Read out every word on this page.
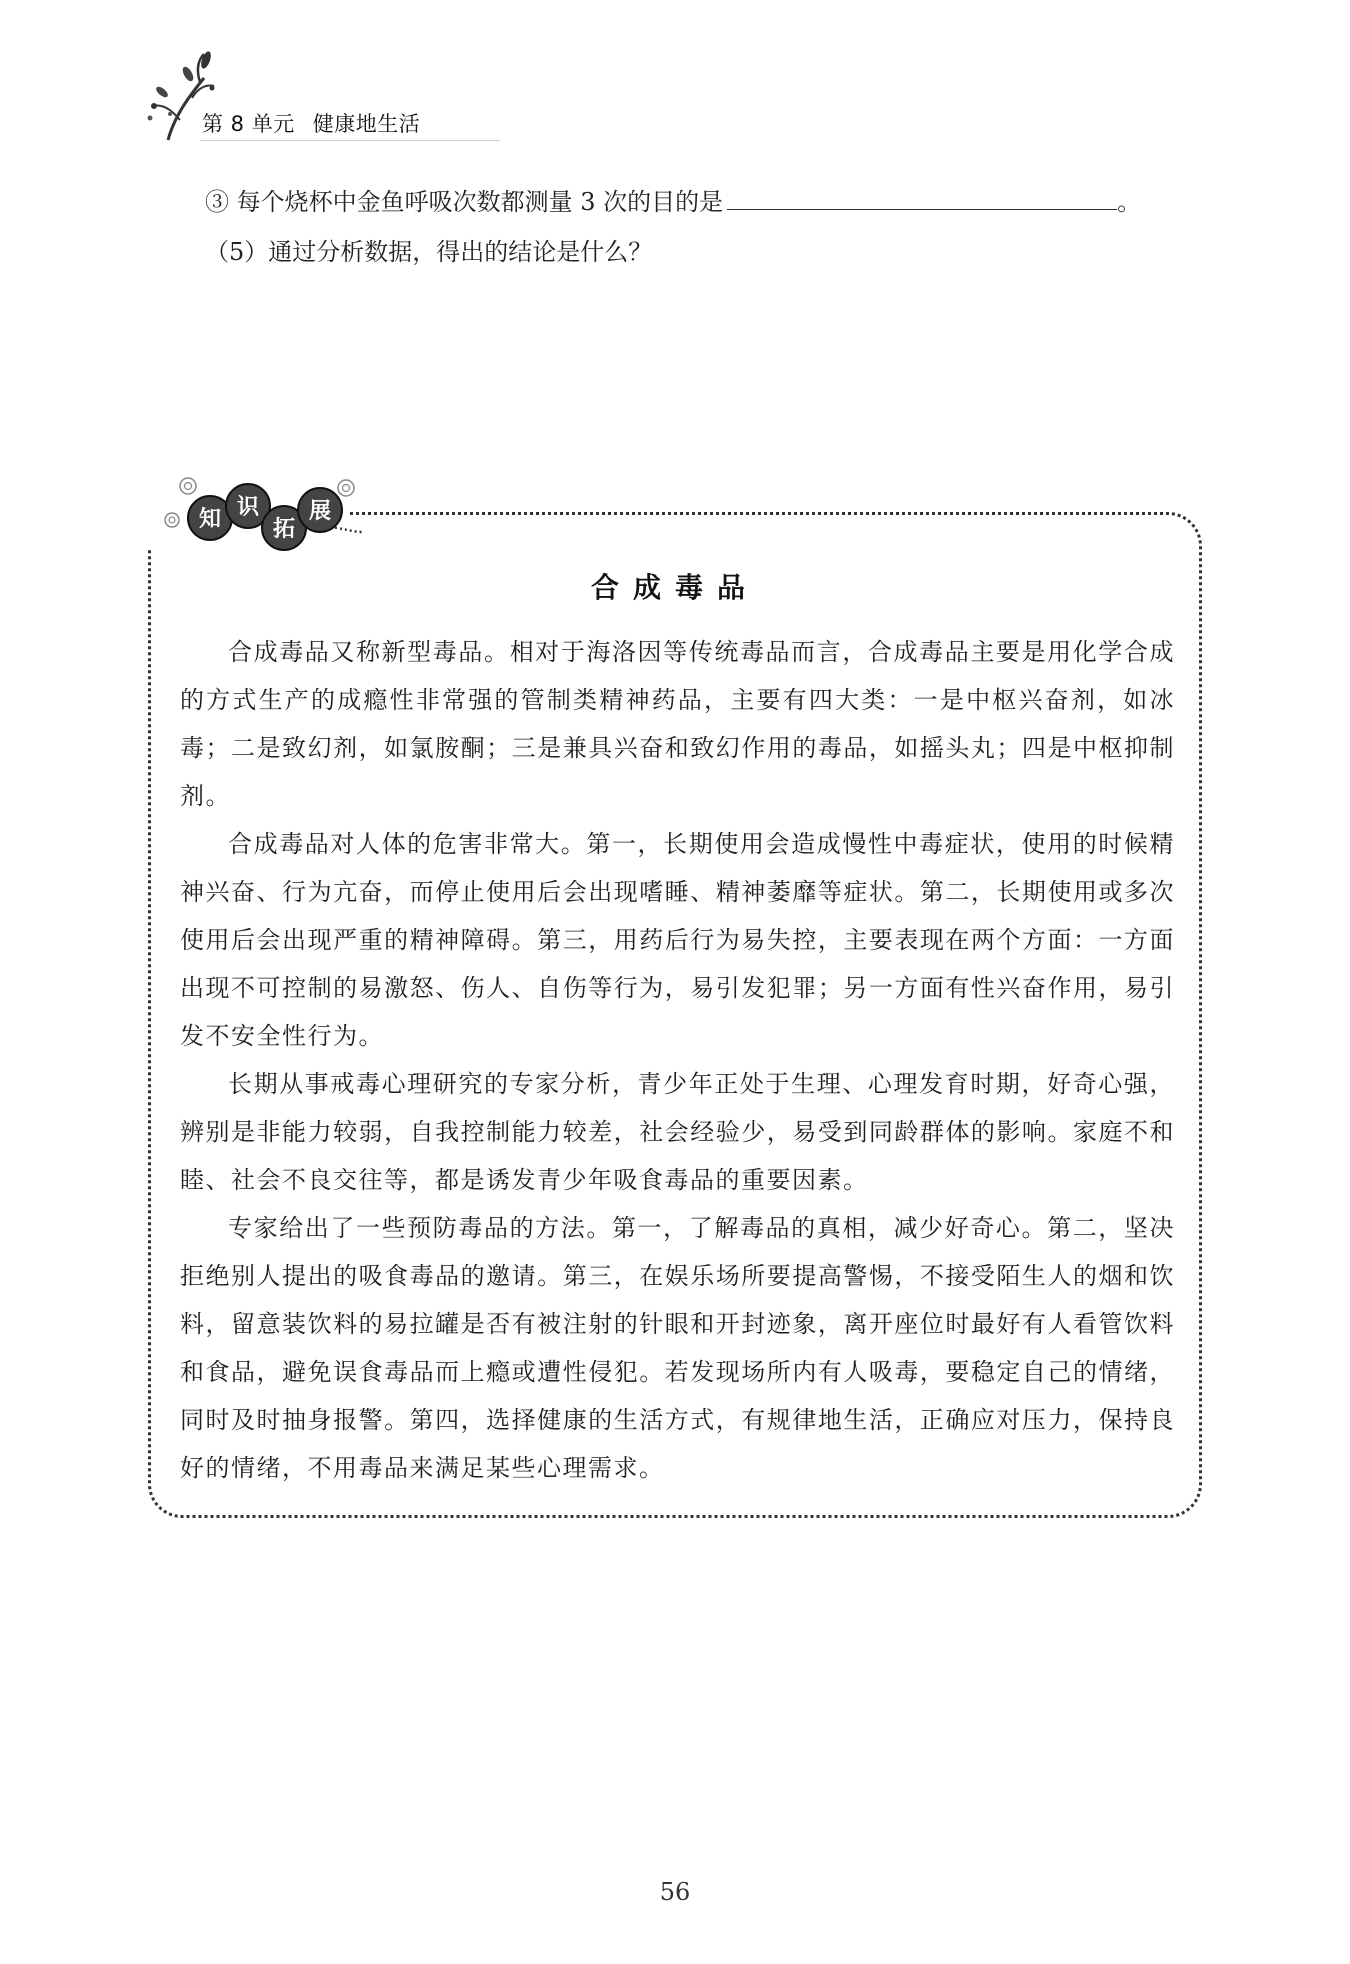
第 8 单元 健康地生活
③ 每个烧杯中金鱼呼吸次数都测量 3 次的目的是	。
（5）通过分析数据，得出的结论是什么？
知 识
拓
展
合成毒品

合成毒品又称新型毒品。相对于海洛因等传统毒品而言，合成毒品主要是用化学合成的方式生产的成瘾性非常强的管制类精神药品，主要有四大类：一是中枢兴奋剂，如冰毒；二是致幻剂，如氯胺酮；三是兼具兴奋和致幻作用的毒品，如摇头丸；四是中枢抑制剂。

合成毒品对人体的危害非常大。第一，长期使用会造成慢性中毒症状，使用的时候精神兴奋、行为亢奋，而停止使用后会出现嗜睡、精神萎靡等症状。第二，长期使用或多次使用后会出现严重的精神障碍。第三，用药后行为易失控，主要表现在两个方面：一方面出现不可控制的易激怒、伤人、自伤等行为，易引发犯罪；另一方面有性兴奋作用，易引发不安全性行为。

长期从事戒毒心理研究的专家分析，青少年正处于生理、心理发育时期，好奇心强，辨别是非能力较弱，自我控制能力较差，社会经验少，易受到同龄群体的影响。家庭不和睦、社会不良交往等，都是诱发青少年吸食毒品的重要因素。

专家给出了一些预防毒品的方法。第一，了解毒品的真相，减少好奇心。第二，坚决拒绝别人提出的吸食毒品的邀请。第三，在娱乐场所要提高警惕，不接受陌生人的烟和饮料，留意装饮料的易拉罐是否有被注射的针眼和开封迹象，离开座位时最好有人看管饮料和食品，避免误食毒品而上瘾或遭性侵犯。若发现场所内有人吸毒，要稳定自己的情绪，同时及时抽身报警。第四，选择健康的生活方式，有规律地生活，正确应对压力，保持良好的情绪，不用毒品来满足某些心理需求。

56
